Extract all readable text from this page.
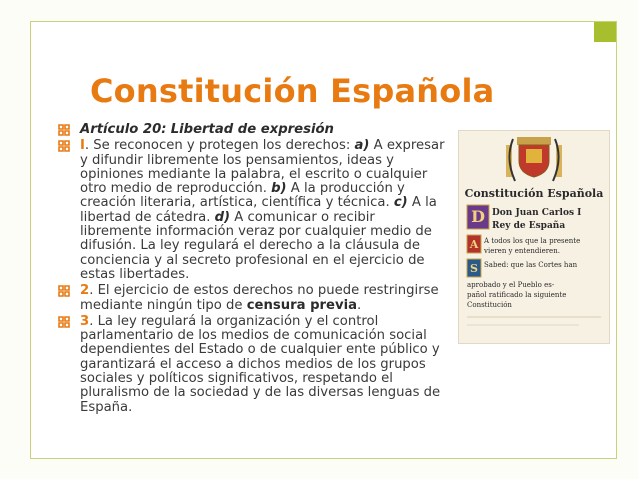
Constitución Española
Artículo 20: Libertad de expresión
I. Se reconocen y protegen los derechos: a) A expresar y difundir libremente los pensamientos, ideas y opiniones mediante la palabra, el escrito o cualquier otro medio de reproducción. b) A la producción y creación literaria, artística, científica y técnica. c) A la libertad de cátedra. d) A comunicar o recibir libremente información veraz por cualquier medio de difusión. La ley regulará el derecho a la cláusula de conciencia y al secreto profesional en el ejercicio de estas libertades.
2. El ejercicio de estos derechos no puede restringirse mediante ningún tipo de censura previa.
3. La ley regulará la organización y el control parlamentario de los medios de comunicación social dependientes del Estado o de cualquier ente público y garantizará el acceso a dichos medios de los grupos sociales y políticos significativos, respetando el pluralismo de la sociedad y de las diversas lenguas de España.
Constitución Española
D Don Juan Carlos I
Rey de España
A A todos los que la presente
vieren y entendieren.
S Sabed: que las Cortes han
aprobado y el Pueblo es-
pañol ratificado la siguiente
Constitución
